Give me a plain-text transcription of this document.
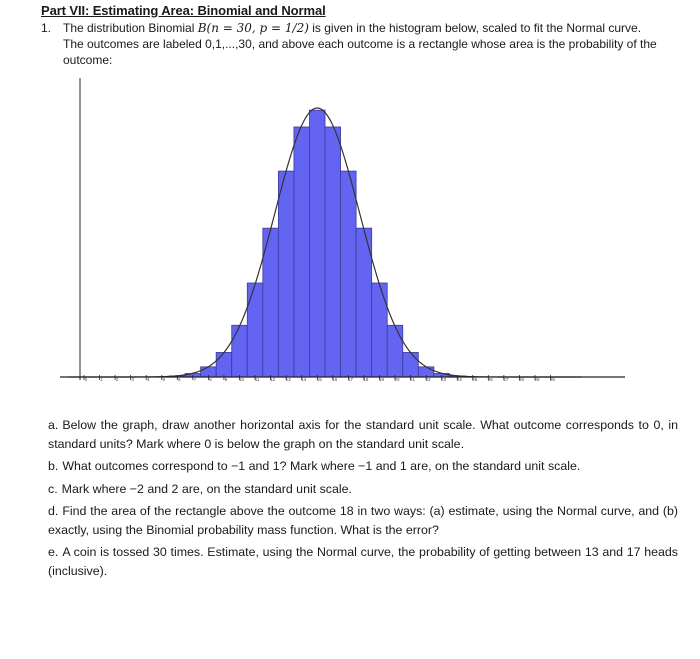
Part VII: Estimating Area: Binomial and Normal
1. The distribution Binomial B(n = 30, p = 1/2) is given in the histogram below, scaled to fit the Normal curve. The outcomes are labeled 0,1,...,30, and above each outcome is a rectangle whose area is the probability of the outcome:
0	1	2	3	4	5	6	7	8	9	10 11 12 13 14 15 16 17 18 19 20 21 22 23 24 25 26 27 28 29 30

a. Below the graph, draw another horizontal axis for the standard unit scale. What outcome corresponds to 0, in standard units? Mark where 0 is below the graph on the standard unit scale.

b. What outcomes correspond to −1 and 1? Mark where −1 and 1 are, on the standard unit scale.

c. Mark where −2 and 2 are, on the standard unit scale.

d. Find the area of the rectangle above the outcome 18 in two ways: (a) estimate, using the Normal curve, and (b) exactly, using the Binomial probability mass function. What is the error?

e. A coin is tossed 30 times. Estimate, using the Normal curve, the probability of getting between 13 and 17 heads (inclusive).
